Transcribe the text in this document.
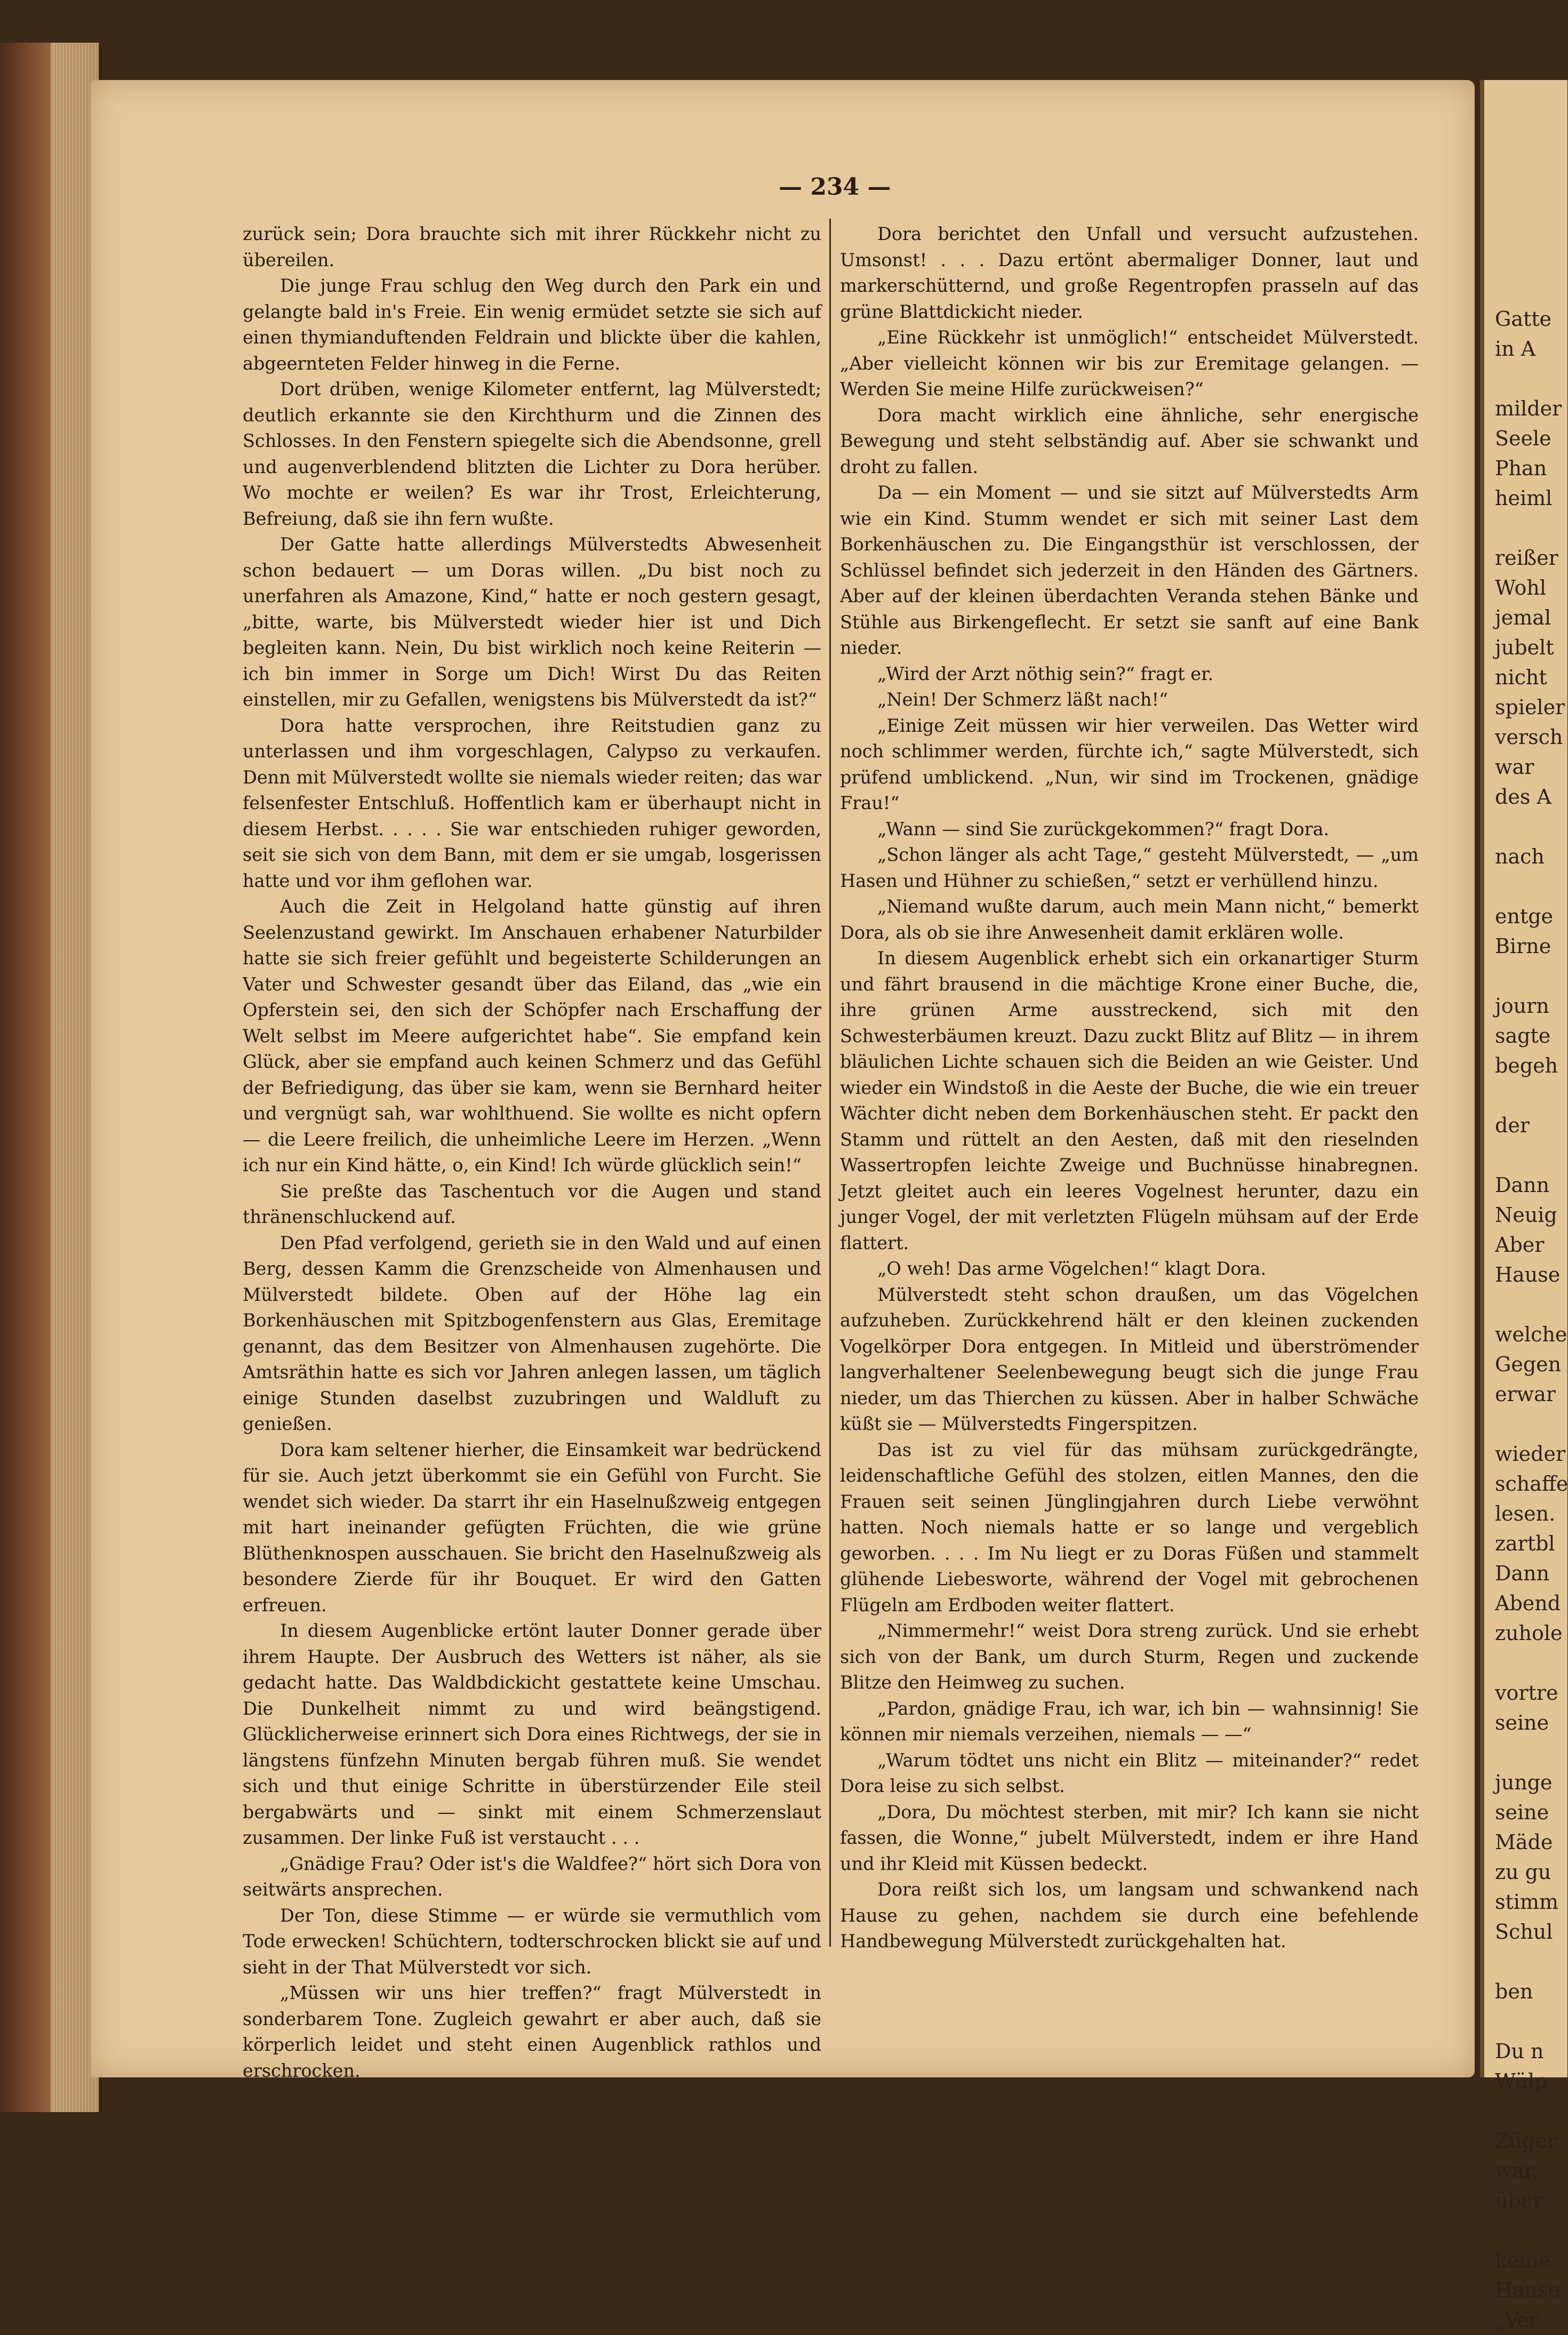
— 234 —

zurück sein; Dora brauchte sich mit ihrer Rückkehr nicht zu übereilen.

Die junge Frau schlug den Weg durch den Park ein und gelangte bald in's Freie. Ein wenig ermüdet setzte sie sich auf einen thymianduftenden Feldrain und blickte über die kahlen, abgeernteten Felder hinweg in die Ferne.

Dort drüben, wenige Kilometer entfernt, lag Mülverstedt; deutlich erkannte sie den Kirchthurm und die Zinnen des Schlosses. In den Fenstern spiegelte sich die Abendsonne, grell und augenverblendend blitzten die Lichter zu Dora herüber. Wo mochte er weilen? Es war ihr Trost, Erleichterung, Befreiung, daß sie ihn fern wußte.

Der Gatte hatte allerdings Mülverstedts Abwesenheit schon bedauert — um Doras willen. „Du bist noch zu unerfahren als Amazone, Kind,“ hatte er noch gestern gesagt, „bitte, warte, bis Mülverstedt wieder hier ist und Dich begleiten kann. Nein, Du bist wirklich noch keine Reiterin — ich bin immer in Sorge um Dich! Wirst Du das Reiten einstellen, mir zu Gefallen, wenigstens bis Mülverstedt da ist?“

Dora hatte versprochen, ihre Reitstudien ganz zu unterlassen und ihm vorgeschlagen, Calypso zu verkaufen. Denn mit Mülverstedt wollte sie niemals wieder reiten; das war felsenfester Entschluß. Hoffentlich kam er überhaupt nicht in diesem Herbst. . . . . Sie war entschieden ruhiger geworden, seit sie sich von dem Bann, mit dem er sie umgab, losgerissen hatte und vor ihm geflohen war.

Auch die Zeit in Helgoland hatte günstig auf ihren Seelenzustand gewirkt. Im Anschauen erhabener Naturbilder hatte sie sich freier gefühlt und begeisterte Schilderungen an Vater und Schwester gesandt über das Eiland, das „wie ein Opferstein sei, den sich der Schöpfer nach Erschaffung der Welt selbst im Meere aufgerichtet habe“. Sie empfand kein Glück, aber sie empfand auch keinen Schmerz und das Gefühl der Befriedigung, das über sie kam, wenn sie Bernhard heiter und vergnügt sah, war wohlthuend. Sie wollte es nicht opfern — die Leere freilich, die unheimliche Leere im Herzen. „Wenn ich nur ein Kind hätte, o, ein Kind! Ich würde glücklich sein!“

Sie preßte das Taschentuch vor die Augen und stand thränenschluckend auf.

Den Pfad verfolgend, gerieth sie in den Wald und auf einen Berg, dessen Kamm die Grenzscheide von Almenhausen und Mülverstedt bildete. Oben auf der Höhe lag ein Borkenhäuschen mit Spitzbogenfenstern aus Glas, Eremitage genannt, das dem Besitzer von Almenhausen zugehörte. Die Amtsräthin hatte es sich vor Jahren anlegen lassen, um täglich einige Stunden daselbst zuzubringen und Waldluft zu genießen.

Dora kam seltener hierher, die Einsamkeit war bedrückend für sie. Auch jetzt überkommt sie ein Gefühl von Furcht. Sie wendet sich wieder. Da starrt ihr ein Haselnußzweig entgegen mit hart ineinander gefügten Früchten, die wie grüne Blüthenknospen ausschauen. Sie bricht den Haselnußzweig als besondere Zierde für ihr Bouquet. Er wird den Gatten erfreuen.

In diesem Augenblicke ertönt lauter Donner gerade über ihrem Haupte. Der Ausbruch des Wetters ist näher, als sie gedacht hatte. Das Waldbdickicht gestattete keine Umschau. Die Dunkelheit nimmt zu und wird beängstigend. Glücklicherweise erinnert sich Dora eines Richtwegs, der sie in längstens fünfzehn Minuten bergab führen muß. Sie wendet sich und thut einige Schritte in überstürzender Eile steil bergabwärts und — sinkt mit einem Schmerzenslaut zusammen. Der linke Fuß ist verstaucht . . .

„Gnädige Frau? Oder ist's die Waldfee?“ hört sich Dora von seitwärts ansprechen.

Der Ton, diese Stimme — er würde sie vermuthlich vom Tode erwecken! Schüchtern, todterschrocken blickt sie auf und sieht in der That Mülverstedt vor sich.

„Müssen wir uns hier treffen?“ fragt Mülverstedt in sonderbarem Tone. Zugleich gewahrt er aber auch, daß sie körperlich leidet und steht einen Augenblick rathlos und erschrocken.

Dora berichtet den Unfall und versucht aufzustehen. Umsonst! . . . Dazu ertönt abermaliger Donner, laut und markerschütternd, und große Regentropfen prasseln auf das grüne Blattdickicht nieder.

„Eine Rückkehr ist unmöglich!“ entscheidet Mülverstedt. „Aber vielleicht können wir bis zur Eremitage gelangen. — Werden Sie meine Hilfe zurückweisen?“

Dora macht wirklich eine ähnliche, sehr energische Bewegung und steht selbständig auf. Aber sie schwankt und droht zu fallen.

Da — ein Moment — und sie sitzt auf Mülverstedts Arm wie ein Kind. Stumm wendet er sich mit seiner Last dem Borkenhäuschen zu. Die Eingangsthür ist verschlossen, der Schlüssel befindet sich jederzeit in den Händen des Gärtners. Aber auf der kleinen überdachten Veranda stehen Bänke und Stühle aus Birkengeflecht. Er setzt sie sanft auf eine Bank nieder.

„Wird der Arzt nöthig sein?“ fragt er.

„Nein! Der Schmerz läßt nach!“

„Einige Zeit müssen wir hier verweilen. Das Wetter wird noch schlimmer werden, fürchte ich,“ sagte Mülverstedt, sich prüfend umblickend. „Nun, wir sind im Trockenen, gnädige Frau!“

„Wann — sind Sie zurückgekommen?“ fragt Dora.

„Schon länger als acht Tage,“ gesteht Mülverstedt, — „um Hasen und Hühner zu schießen,“ setzt er verhüllend hinzu.

„Niemand wußte darum, auch mein Mann nicht,“ bemerkt Dora, als ob sie ihre Anwesenheit damit erklären wolle.

In diesem Augenblick erhebt sich ein orkanartiger Sturm und fährt brausend in die mächtige Krone einer Buche, die, ihre grünen Arme ausstreckend, sich mit den Schwesterbäumen kreuzt. Dazu zuckt Blitz auf Blitz — in ihrem bläulichen Lichte schauen sich die Beiden an wie Geister. Und wieder ein Windstoß in die Aeste der Buche, die wie ein treuer Wächter dicht neben dem Borkenhäuschen steht. Er packt den Stamm und rüttelt an den Aesten, daß mit den rieselnden Wassertropfen leichte Zweige und Buchnüsse hinabregnen. Jetzt gleitet auch ein leeres Vogelnest herunter, dazu ein junger Vogel, der mit verletzten Flügeln mühsam auf der Erde flattert.

„O weh! Das arme Vögelchen!“ klagt Dora.

Mülverstedt steht schon draußen, um das Vögelchen aufzuheben. Zurückkehrend hält er den kleinen zuckenden Vogelkörper Dora entgegen. In Mitleid und überströmender langverhaltener Seelenbewegung beugt sich die junge Frau nieder, um das Thierchen zu küssen. Aber in halber Schwäche küßt sie — Mülverstedts Fingerspitzen.

Das ist zu viel für das mühsam zurückgedrängte, leidenschaftliche Gefühl des stolzen, eitlen Mannes, den die Frauen seit seinen Jünglingjahren durch Liebe verwöhnt hatten. Noch niemals hatte er so lange und vergeblich geworben. . . . Im Nu liegt er zu Doras Füßen und stammelt glühende Liebesworte, während der Vogel mit gebrochenen Flügeln am Erdboden weiter flattert.

„Nimmermehr!“ weist Dora streng zurück. Und sie erhebt sich von der Bank, um durch Sturm, Regen und zuckende Blitze den Heimweg zu suchen.

„Pardon, gnädige Frau, ich war, ich bin — wahnsinnig! Sie können mir niemals verzeihen, niemals — —“

„Warum tödtet uns nicht ein Blitz — miteinander?“ redet Dora leise zu sich selbst.

„Dora, Du möchtest sterben, mit mir? Ich kann sie nicht fassen, die Wonne,“ jubelt Mülverstedt, indem er ihre Hand und ihr Kleid mit Küssen bedeckt.

Dora reißt sich los, um langsam und schwankend nach Hause zu gehen, nachdem sie durch eine befehlende Handbewegung Mülverstedt zurückgehalten hat.

Gatte
in A

milder
Seele
Phan
heiml

reißer
Wohl
jemal
jubelt
nicht
spieler
versch
war
des A

nach

entge
Birne

journ
sagte
begeh

der

Dann
Neuig
Aber
Hause

welche
Gegen
erwar

wieder
schaffe
lesen.
zartbl
Dann
Abend
zuhole

vortre
seine

junge
seine
Mäde
zu gu
stimm
Schul

ben

Du n
Wülp

Züger
war,
über

keine
Hause
„Ver
